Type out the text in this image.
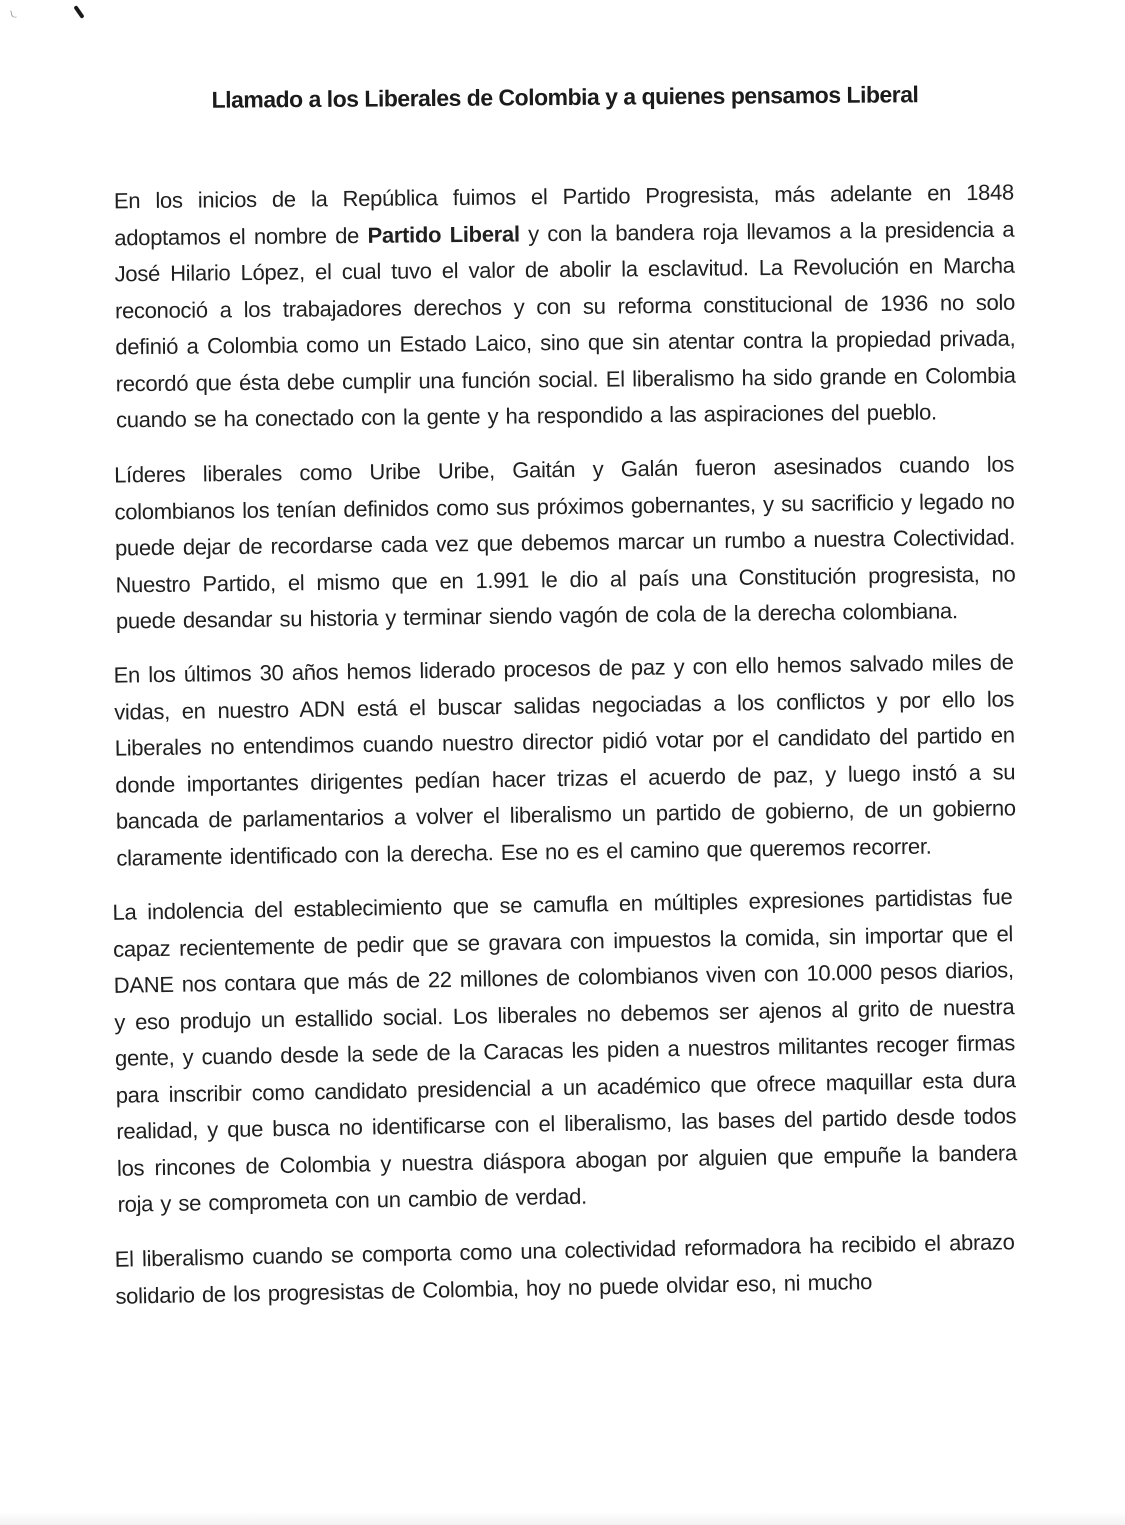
Llamado a los Liberales de Colombia y a quienes pensamos Liberal

En los inicios de la República fuimos el Partido Progresista, más adelante en 1848 adoptamos el nombre de Partido Liberal y con la bandera roja llevamos a la presidencia a José Hilario López, el cual tuvo el valor de abolir la esclavitud. La Revolución en Marcha reconoció a los trabajadores derechos y con su reforma constitucional de 1936 no solo definió a Colombia como un Estado Laico, sino que sin atentar contra la propiedad privada, recordó que ésta debe cumplir una función social. El liberalismo ha sido grande en Colombia cuando se ha conectado con la gente y ha respondido a las aspiraciones del pueblo.

Líderes liberales como Uribe Uribe, Gaitán y Galán fueron asesinados cuando los colombianos los tenían definidos como sus próximos gobernantes, y su sacrificio y legado no puede dejar de recordarse cada vez que debemos marcar un rumbo a nuestra Colectividad. Nuestro Partido, el mismo que en 1.991 le dio al país una Constitución progresista, no puede desandar su historia y terminar siendo vagón de cola de la derecha colombiana.

En los últimos 30 años hemos liderado procesos de paz y con ello hemos salvado miles de vidas, en nuestro ADN está el buscar salidas negociadas a los conflictos y por ello los Liberales no entendimos cuando nuestro director pidió votar por el candidato del partido en donde importantes dirigentes pedían hacer trizas el acuerdo de paz, y luego instó a su bancada de parlamentarios a volver el liberalismo un partido de gobierno, de un gobierno claramente identificado con la derecha. Ese no es el camino que queremos recorrer.

La indolencia del establecimiento que se camufla en múltiples expresiones partidistas fue capaz recientemente de pedir que se gravara con impuestos la comida, sin importar que el DANE nos contara que más de 22 millones de colombianos viven con 10.000 pesos diarios, y eso produjo un estallido social. Los liberales no debemos ser ajenos al grito de nuestra gente, y cuando desde la sede de la Caracas les piden a nuestros militantes recoger firmas para inscribir como candidato presidencial a un académico que ofrece maquillar esta dura realidad, y que busca no identificarse con el liberalismo, las bases del partido desde todos los rincones de Colombia y nuestra diáspora abogan por alguien que empuñe la bandera roja y se comprometa con un cambio de verdad.

El liberalismo cuando se comporta como una colectividad reformadora ha recibido el abrazo solidario de los progresistas de Colombia, hoy no puede olvidar eso, ni mucho
